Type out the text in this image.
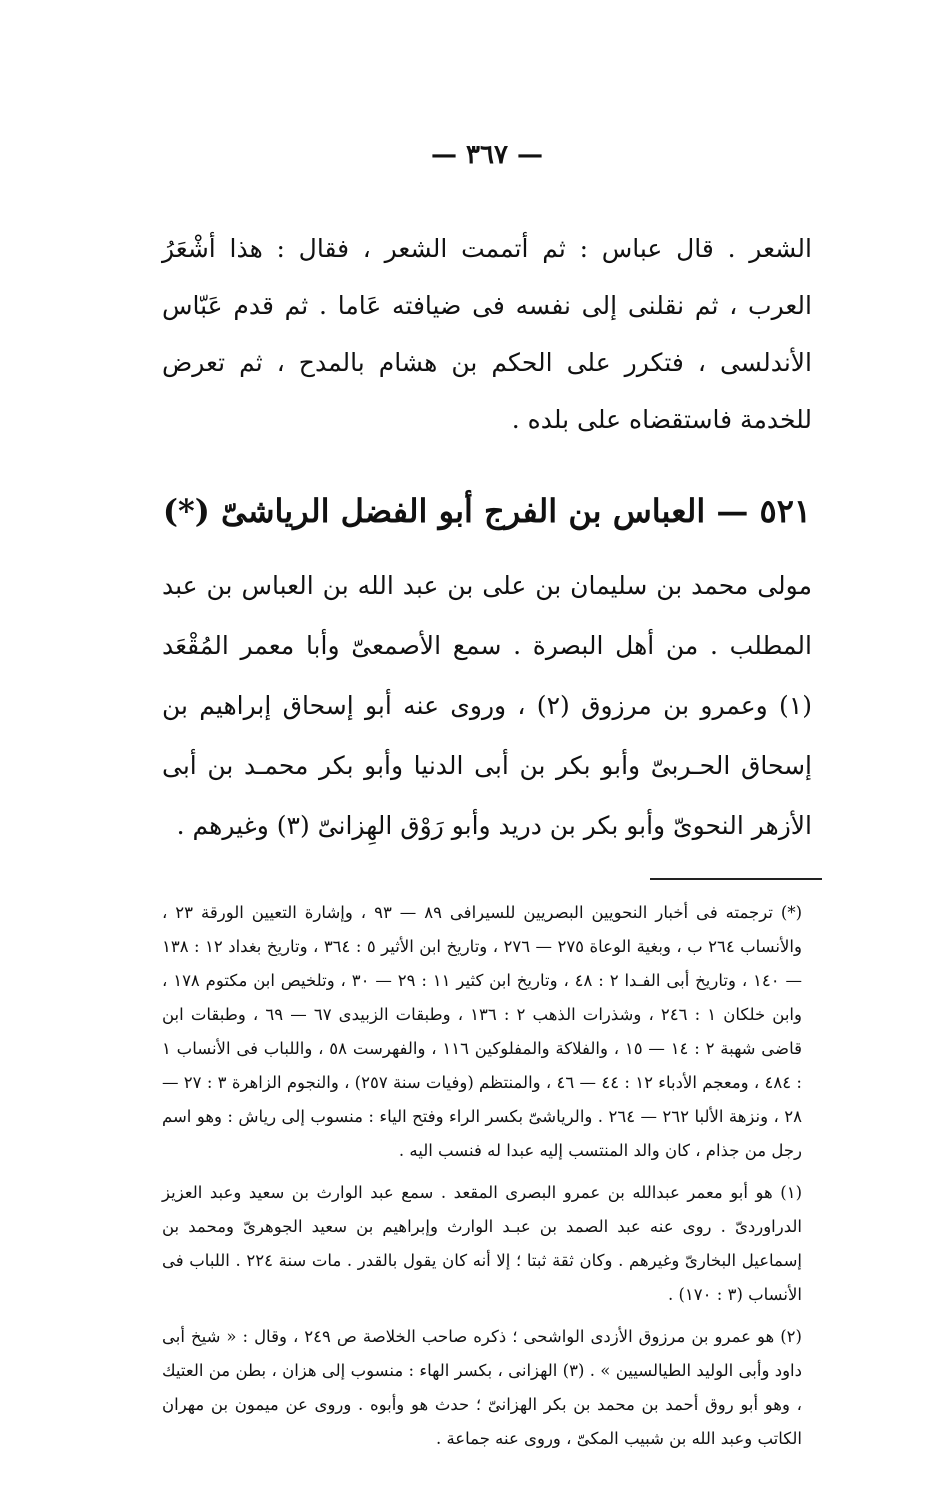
— ٣٦٧ —

الشعر . قال عباس : ثم أتممت الشعر ، فقال : هذا أشْعَرُ العرب ، ثم نقلنى إلى نفسه فى ضيافته عَاما . ثم قدم عَبّاس الأندلسى ، فتكرر على الحكم بن هشام بالمدح ، ثم تعرض للخدمة فاستقضاه على بلده .

٥٢١ — العباس بن الفرج أبو الفضل الرياشىّ (*)
مولى محمد بن سليمان بن على بن عبد الله بن العباس بن عبد المطلب . من أهل البصرة . سمع الأصمعىّ وأبا معمر المُقْعَد (١) وعمرو بن مرزوق (٢) ، وروى عنه أبو إسحاق إبراهيم بن إسحاق الحـربىّ وأبو بكر بن أبى الدنيا وأبو بكر محمـد بن أبى الأزهر النحوىّ وأبو بكر بن دريد وأبو رَوْق الهِزانىّ (٣) وغيرهم .

(*) ترجمته فى أخبار النحويين البصريين للسيرافى ٨٩ — ٩٣ ، وإشارة التعيين الورقة ٢٣ ، والأنساب ٢٦٤ ب ، وبغية الوعاة ٢٧٥ — ٢٧٦ ، وتاريخ ابن الأثير ٥ : ٣٦٤ ، وتاريخ بغداد ١٢ : ١٣٨ — ١٤٠ ، وتاريخ أبى الفـدا ٢ : ٤٨ ، وتاريخ ابن كثير ١١ : ٢٩ — ٣٠ ، وتلخيص ابن مكتوم ١٧٨ ، وابن خلكان ١ : ٢٤٦ ، وشذرات الذهب ٢ : ١٣٦ ، وطبقات الزبيدى ٦٧ — ٦٩ ، وطبقات ابن قاضى شهبة ٢ : ١٤ — ١٥ ، والفلاكة والمفلوكين ١١٦ ، والفهرست ٥٨ ، واللباب فى الأنساب ١ : ٤٨٤ ، ومعجم الأدباء ١٢ : ٤٤ — ٤٦ ، والمنتظم (وفيات سنة ٢٥٧) ، والنجوم الزاهرة ٣ : ٢٧ — ٢٨ ، ونزهة الألبا ٢٦٢ — ٢٦٤ . والرياشىّ بكسر الراء وفتح الياء : منسوب إلى رياش : وهو اسم رجل من جذام ، كان والد المنتسب إليه عبدا له فنسب اليه .

(١) هو أبو معمر عبدالله بن عمرو البصرى المقعد . سمع عبد الوارث بن سعيد وعبد العزيز الدراوردىّ . روى عنه عبد الصمد بن عبـد الوارث وإبراهيم بن سعيد الجوهرىّ ومحمد بن إسماعيل البخارىّ وغيرهم . وكان ثقة ثبتا ؛ إلا أنه كان يقول بالقدر . مات سنة ٢٢٤ . اللباب فى الأنساب (٣ : ١٧٠) .

(٢) هو عمرو بن مرزوق الأزدى الواشحى ؛ ذكره صاحب الخلاصة ص ٢٤٩ ، وقال : « شيخ أبى داود وأبى الوليد الطيالسيين » . (٣) الهزانى ، بكسر الهاء : منسوب إلى هزان ، بطن من العتيك ، وهو أبو روق أحمد بن محمد بن بكر الهزانىّ ؛ حدث هو وأبوه . وروى عن ميمون بن مهران الكاتب وعبد الله بن شبيب المكىّ ، وروى عنه جماعة .
